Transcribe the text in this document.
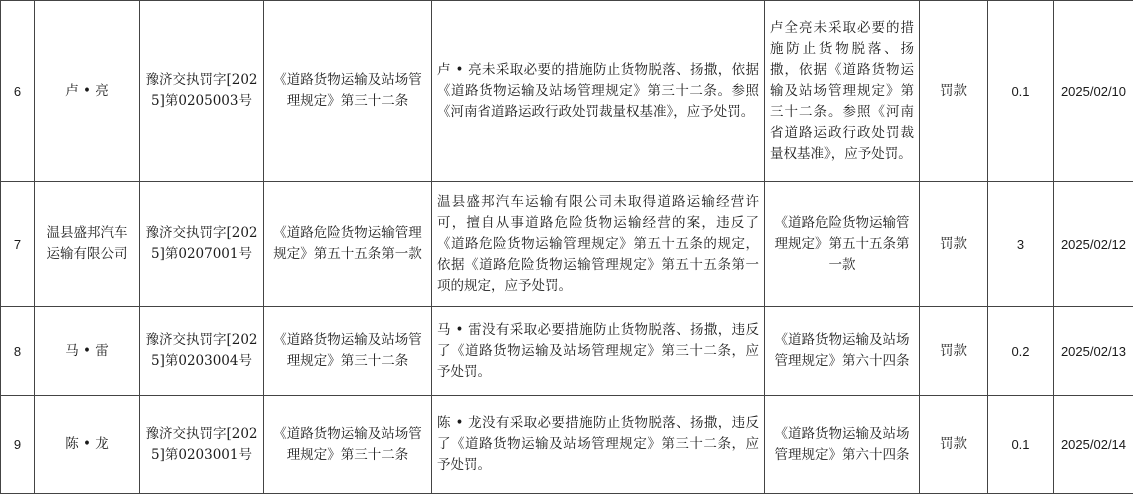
6	卢 • 亮	豫济交执罚字[2025]第0205003号	《道路货物运输及站场管理规定》第三十二条	卢 • 亮未采取必要的措施防止货物脱落、扬撒，依据《道路货物运输及站场管理规定》第三十二条。参照《河南省道路运政行政处罚裁量权基准》，应予处罚。	卢全亮未采取必要的措施防止货物脱落、扬撒，依据《道路货物运输及站场管理规定》第三十二条。参照《河南省道路运政行政处罚裁量权基准》，应予处罚。	罚款	0.1	2025/02/10
7	温县盛邦汽车运输有限公司	豫济交执罚字[2025]第0207001号	《道路危险货物运输管理规定》第五十五条第一款	温县盛邦汽车运输有限公司未取得道路运输经营许可，擅自从事道路危险货物运输经营的案，违反了《道路危险货物运输管理规定》第五十五条的规定，依据《道路危险货物运输管理规定》第五十五条第一项的规定，应予处罚。	《道路危险货物运输管理规定》第五十五条第一款	罚款	3	2025/02/12
8	马 • 雷	豫济交执罚字[2025]第0203004号	《道路货物运输及站场管理规定》第三十二条	马 • 雷没有采取必要措施防止货物脱落、扬撒，违反了《道路货物运输及站场管理规定》第三十二条，应予处罚。	《道路货物运输及站场管理规定》第六十四条	罚款	0.2	2025/02/13
9	陈 • 龙	豫济交执罚字[2025]第0203001号	《道路货物运输及站场管理规定》第三十二条	陈 • 龙没有采取必要措施防止货物脱落、扬撒，违反了《道路货物运输及站场管理规定》第三十二条，应予处罚。	《道路货物运输及站场管理规定》第六十四条	罚款	0.1	2025/02/14
